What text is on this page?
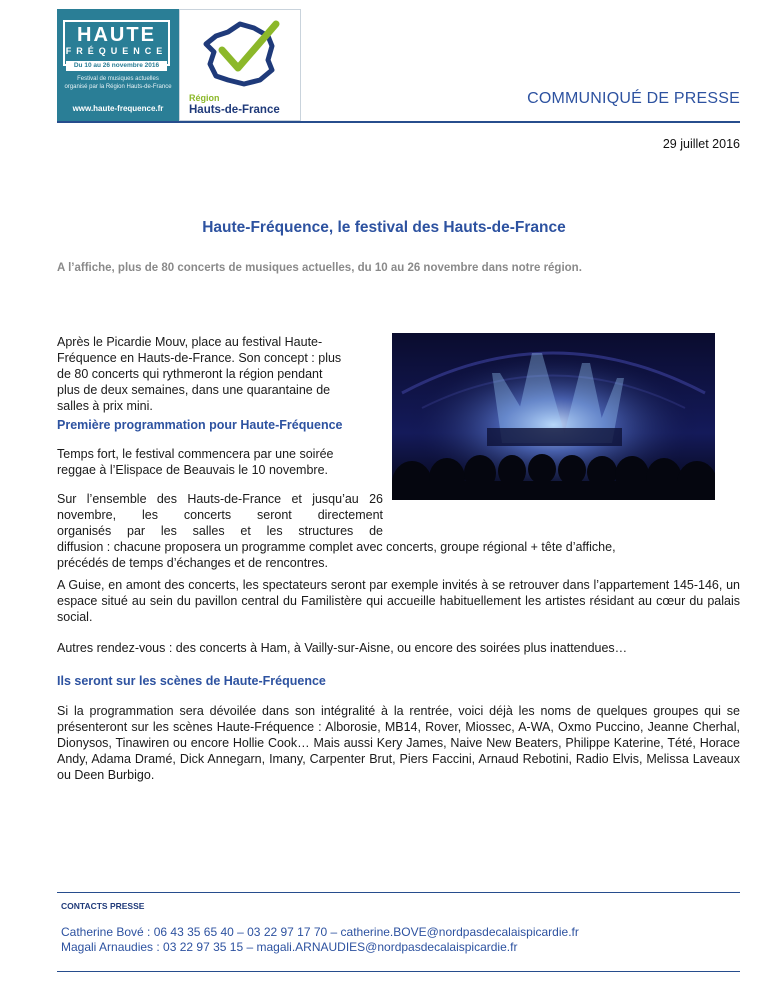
HAUTE
FRÉQUENCE
Du 10 au 26 novembre 2016
Festival de musiques actuelles
organisé par la Région Hauts-de-France
www.haute-frequence.fr
Région
Hauts-de-France
COMMUNIQUÉ DE PRESSE
29 juillet 2016
Haute-Fréquence, le festival des Hauts-de-France
A l’affiche, plus de 80 concerts de musiques actuelles, du 10 au 26 novembre dans notre région.
Après le Picardie Mouv, place au festival Haute-
Fréquence en Hauts-de-France. Son concept : plus
de 80 concerts qui rythmeront la région pendant
plus de deux semaines, dans une quarantaine de
salles à prix mini.
Première programmation pour Haute-Fréquence
Temps fort, le festival commencera par une soirée
reggae à l’Elispace de Beauvais le 10 novembre.
Sur l’ensemble des Hauts-de-France et jusqu’au 26
novembre, les concerts seront directement
organisés par les salles et les structures de
diffusion : chacune proposera un programme complet avec concerts, groupe régional + tête d’affiche,
précédés de temps d’échanges et de rencontres.
A Guise, en amont des concerts, les spectateurs seront par exemple invités à se retrouver dans l’appartement 145-146, un espace situé au sein du pavillon central du Familistère qui accueille habituellement les artistes résidant au cœur du palais social.
Autres rendez-vous : des concerts à Ham, à Vailly-sur-Aisne, ou encore des soirées plus inattendues…
Ils seront sur les scènes de Haute-Fréquence
Si la programmation sera dévoilée dans son intégralité à la rentrée, voici déjà les noms de quelques groupes qui se présenteront sur les scènes Haute-Fréquence : Alborosie, MB14, Rover, Miossec, A-WA, Oxmo Puccino, Jeanne Cherhal, Dionysos, Tinawiren ou encore Hollie Cook… Mais aussi Kery James, Naive New Beaters, Philippe Katerine, Tété, Horace Andy, Adama Dramé, Dick Annegarn, Imany, Carpenter Brut, Piers Faccini, Arnaud Rebotini, Radio Elvis, Melissa Laveaux ou Deen Burbigo.
CONTACTS PRESSE
Catherine Bové : 06 43 35 65 40 – 03 22 97 17 70 – catherine.BOVE@nordpasdecalaispicardie.fr
Magali Arnaudies : 03 22 97 35 15 – magali.ARNAUDIES@nordpasdecalaispicardie.fr
